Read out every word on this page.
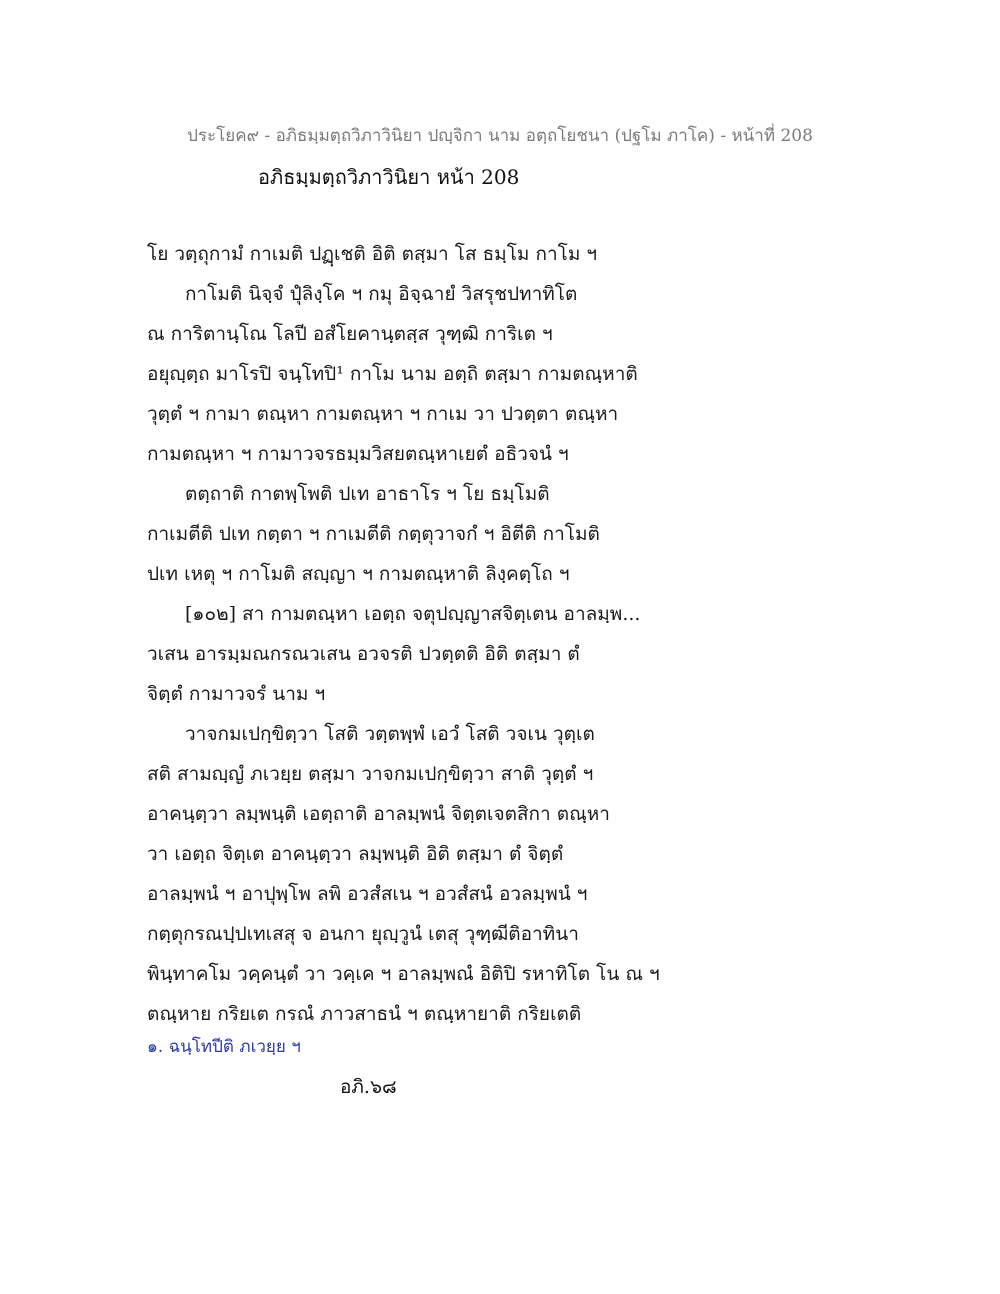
ประโยค๙ - อภิธมฺมตฺถวิภาวินิยา ปญฺจิกา นาม อตฺถโยชนา (ปฐโม ภาโค) - หน้าที่ 208
อภิธมฺมตฺถวิภาวินิยา หน้า 208
โย วตฺถุกามํ กาเมติ ปฏฺเชติ อิติ ตสฺมา โส ธมฺโม กาโม ฯ
กาโมติ นิจฺจํ ปุํลิงฺโค ฯ กมุ อิจฺฉายํ วิสรุชปทาทิโต
ณ การิตานฺโณ โลปี อสํโยคานฺตสฺส วุฑฺฒิ การิเต ฯ
อยุญฺตฺถ มาโรปิ จนฺโทปิ¹ กาโม นาม อตฺถิ ตสฺมา กามตณฺหาติ
วุตฺตํ ฯ กามา ตณฺหา กามตณฺหา ฯ กาเม วา ปวตฺตา ตณฺหา
กามตณฺหา ฯ กามาวจรธมฺมวิสยตณฺหาเยตํ อธิวจนํ ฯ
ตตฺถาติ กาตพฺโพติ ปเท อาธาโร ฯ โย ธมฺโมติ
กาเมตีติ ปเท กตฺตา ฯ กาเมตีติ กตฺตุวาจกํ ฯ อิตีติ กาโมติ
ปเท เหตุ ฯ กาโมติ สญฺญา ฯ กามตณฺหาติ ลิงฺคตฺโถ ฯ
[๑๐๒] สา กามตณฺหา เอตฺถ จตุปญฺญาสจิตฺเตน อาลมฺพ...
วเสน อารมฺมณกรณวเสน อวจรติ ปวตฺตติ อิติ ตสฺมา ตํ
จิตฺตํ กามาวจรํ นาม ฯ
วาจกมเปกฺขิตฺวา โสติ วตฺตพฺพํ เอวํ โสติ วจเน วุตฺเต
สติ สามญฺญํ ภเวยฺย ตสฺมา วาจกมเปกฺขิตฺวา สาติ วุตฺตํ ฯ
อาคนฺตฺวา ลมฺพนฺติ เอตฺถาติ อาลมฺพนํ จิตฺตเจตสิกา ตณฺหา
วา เอตฺถ จิตฺเต อาคนฺตฺวา ลมฺพนฺติ อิติ ตสฺมา ตํ จิตฺตํ
อาลมฺพนํ ฯ อาปุพฺโพ ลพิ อวสํสเน ฯ อวสํสนํ อวลมฺพนํ ฯ
กตฺตุกรณปฺปเทเสสุ จ อนกา ยุญฺวูนํ เตสุ วุฑฺฒีติอาทินา
พินฺทาคโม วคฺคนฺตํ วา วคฺเค ฯ อาลมฺพณํ อิติปิ รหาทิโต โน ณ ฯ
ตณฺหาย กริยเต กรณํ ภาวสาธนํ ฯ ตณฺหายาติ กริยเตติ
๑. ฉนฺโทปีติ ภเวยฺย ฯ
อภิ.๖๘
